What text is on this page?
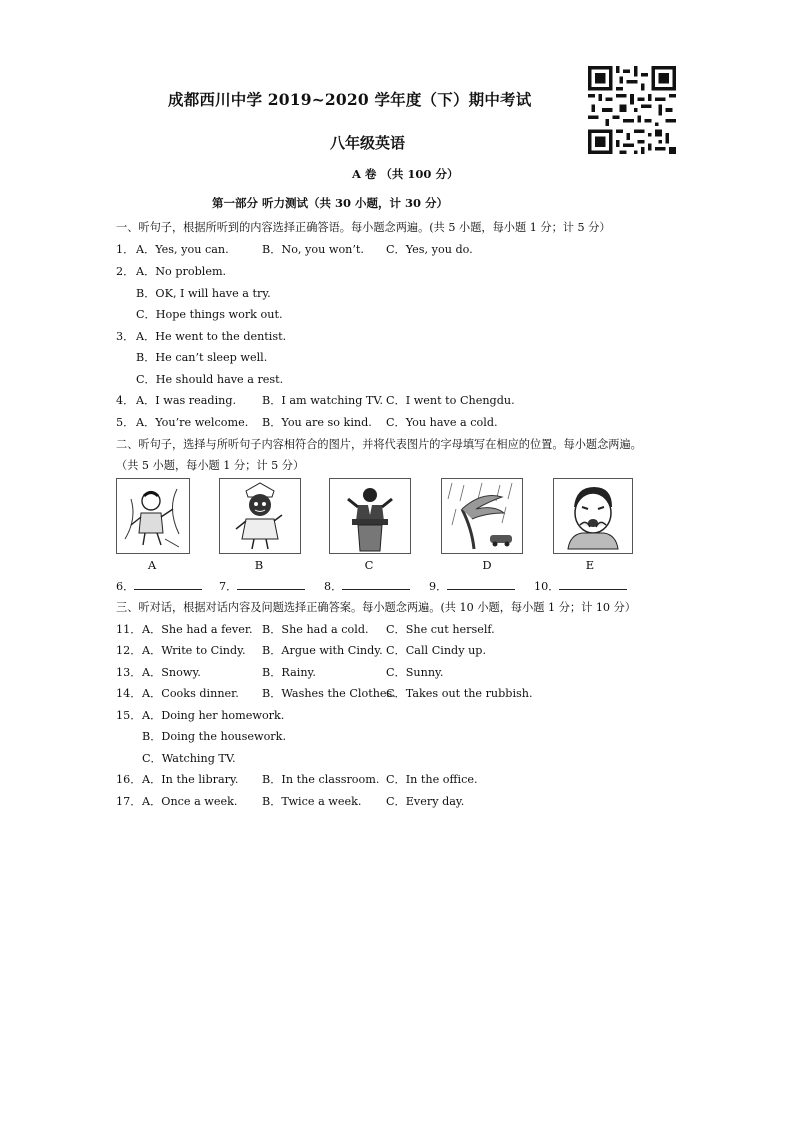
成都西川中学 2019~2020 学年度（下）期中考试
八年级英语
A 卷 （共 100 分）
第一部分 听力测试（共 30 小题，计 30 分）
一、听句子，根据所听到的内容选择正确答语。每小题念两遍。(共 5 小题，每小题 1 分；计 5 分）
1． A．Yes, you can.	B．No, you won’t. C．Yes, you do.
2． A．No problem.
B．OK, I will have a try.
C．Hope things work out.
3． A．He went to the dentist.
B．He can’t sleep well.
C．He should have a rest.
4． A．I was reading. B．I am watching TV. C．I went to Chengdu.
5． A．You’re welcome. B．You are so kind. C．You have a cold.
二、听句子，选择与所听句子内容相符合的图片，并将代表图片的字母填写在相应的位置。每小题念两遍。
（共 5 小题，每小题 1 分；计 5 分）
A	B	C	D	E
6．	7．	8．	9．	10．
三、听对话，根据对话内容及问题选择正确答案。每小题念两遍。(共 10 小题，每小题 1 分；计 10 分）
11． A．She had a fever. B．She had a cold. C．She cut herself.
12． A．Write to Cindy. B．Argue with Cindy. C．Call Cindy up.
13． A．Snowy.	B．Rainy.	C．Sunny.
14． A．Cooks dinner. B．Washes the Clothes.
C．Takes out the rubbish.
15． A．Doing her homework.
B．Doing the housework.
C．Watching TV.
16． A．In the library. B．In the classroom. C．In the office.
17． A．Once a week. B．Twice a week. C．Every day.
